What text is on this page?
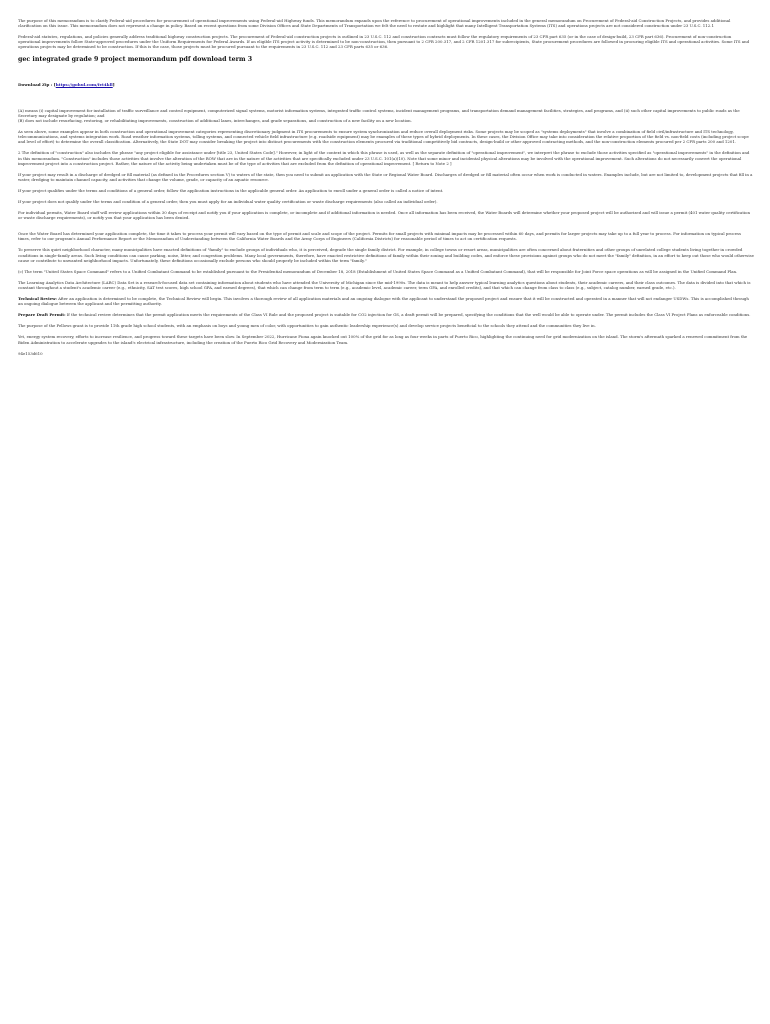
The purpose of this memorandum is to clarify Federal-aid procedures for procurement of operational improvements using Federal-aid Highway funds. This memorandum expands upon the reference to procurement of operational improvements included in the general memorandum on Procurement of Federal-aid Construction Projects, and provides additional clarification on this issue. This memorandum does not represent a change in policy. Based on recent questions from some Division Offices and State Departments of Transportation we felt the need to restate and highlight that many Intelligent Transportation Systems (ITS) and operations projects are not considered construction under 23 U.S.C. 112.1

Federal-aid statutes, regulations, and policies generally address traditional highway construction projects. The procurement of Federal-aid construction projects is outlined in 23 U.S.C. 112 and construction contracts must follow the regulatory requirements of 23 CFR part 635 (or in the case of design-build, 23 CFR part 636). Procurement of non-construction operational improvements follow State-approved procedures under the Uniform Requirements for Federal Awards. If an eligible ITS project activity is determined to be non-construction, then pursuant to 2 CFR 200.317, and 2 CFR 1201.317 for subrecipients, State procurement procedures are followed in procuring eligible ITS and operational activities. Some ITS and operations projects may be determined to be construction. If this is the case, those projects must be procured pursuant to the requirements in 23 U.S.C. 112 and 23 CFR parts 635 or 636.

gec integrated grade 9 project memorandum pdf download term 3
Download Zip : [https://gohul.com/Ivt4kll]

(A) means (i) capital improvement for installation of traffic surveillance and control equipment, computerized signal systems, motorist information systems, integrated traffic control systems, incident management programs, and transportation demand management facilities, strategies, and programs, and (ii) such other capital improvements to public roads as the Secretary may designate by regulation; and
(B) does not include resurfacing, restoring, or rehabilitating improvements, construction of additional lanes, interchanges, and grade separations, and construction of a new facility on a new location.

As seen above, some examples appear in both construction and operational improvement categories representing discretionary judgment in ITS procurements to ensure system synchronization and reduce overall deployment risks. Some projects may be scoped as "systems deployments" that involve a combination of field civil/infrastructure and ITS technology, telecommunications, and systems integration work. Road weather information systems, tolling systems, and connected vehicle field infrastructure (e.g. roadside equipment) may be examples of these types of hybrid deployments. In these cases, the Division Office may take into consideration the relative proportion of the field vs. non-field costs (including project scope and level of effort) to determine the overall classification. Alternatively, the State DOT may consider breaking the project into distinct procurements with the construction elements procured via traditional competitively bid contracts, design-build or other approved contracting methods, and the non-construction elements procured per 2 CFR parts 200 and 1201.

2 The definition of "construction" also includes the phrase "any project eligible for assistance under [title 23, United States Code]." However, in light of the context in which this phrase is used, as well as the separate definition of "operational improvement", we interpret the phrase to exclude those activities specified as "operational improvements" in the definition and in this memorandum. "Construction" includes those activities that involve the alteration of the ROW that are in the nature of the activities that are specifically excluded under 23 U.S.C. 101(a)(10). Note that some minor and incidental physical alterations may be involved with the operational improvement. Such alterations do not necessarily convert the operational improvement project into a construction project. Rather, the nature of the activity being undertaken must be of the type of activities that are excluded from the definition of operational improvement. [ Return to Note 2 ]

If your project may result in a discharge of dredged or fill material (as defined in the Procedures section V) to waters of the state, then you need to submit an application with the State or Regional Water Board. Discharges of dredged or fill material often occur when work is conducted in waters. Examples include, but are not limited to, development projects that fill in a water, dredging to maintain channel capacity, and activities that change the volume, grade, or capacity of an aquatic resource.

If your project qualifies under the terms and conditions of a general order, follow the application instructions in the applicable general order. An application to enroll under a general order is called a notice of intent.

If your project does not qualify under the terms and condition of a general order, then you must apply for an individual water quality certification or waste discharge requirements (also called an individual order).

For individual permits, Water Board staff will review applications within 30 days of receipt and notify you if your application is complete, or incomplete and if additional information is needed. Once all information has been received, the Water Boards will determine whether your proposed project will be authorized and will issue a permit (401 water quality certification or waste discharge requirements), or notify you that your application has been denied.

Once the Water Board has determined your application complete, the time it takes to process your permit will vary based on the type of permit and scale and scope of the project. Permits for small projects with minimal impacts may be processed within 60 days, and permits for larger projects may take up to a full year to process. For information on typical process times, refer to our program's Annual Performance Report or the Memorandum of Understanding between the California Water Boards and the Army Corps of Engineers (California Districts) for reasonable period of times to act on certification requests.

To preserve this quiet neighborhood character, many municipalities have enacted definitions of "family" to exclude groups of individuals who, it is perceived, degrade the single family district. For example, in college towns or resort areas, municipalities are often concerned about fraternities and other groups of unrelated college students living together in crowded conditions in single-family areas. Such living conditions can cause parking, noise, litter, and congestion problems. Many local governments, therefore, have enacted restrictive definitions of family within their zoning and building codes, and enforce these provisions against groups who do not meet the "family" definition, in an effort to keep out those who would otherwise cause or contribute to unwanted neighborhood impacts. Unfortunately, these definitions occasionally exclude persons who should properly be included within the term "family."

(c) The term "United States Space Command" refers to a Unified Combatant Command to be established pursuant to the Presidential memorandum of December 18, 2018 (Establishment of United States Space Command as a Unified Combatant Command), that will be responsible for Joint Force space operations as will be assigned in the Unified Command Plan.

The Learning Analytics Data Architecture (LARC) Data Set is a research-focused data set containing information about students who have attended the University of Michigan since the mid-1990s. The data is meant to help answer typical learning analytics questions about students, their academic careers, and their class outcomes. The data is divided into that which is constant throughout a student's academic career (e.g., ethnicity, SAT test scores, high school GPA, and earned degrees), that which can change from term to term (e.g., academic level, academic career, term GPA, and enrolled credits), and that which can change from class to class (e.g., subject, catalog number, earned grade, etc.).

Technical Review: After an application is determined to be complete, the Technical Review will begin. This involves a thorough review of all application materials and an ongoing dialogue with the applicant to understand the proposed project and ensure that it will be constructed and operated in a manner that will not endanger USDWs. This is accomplished through an ongoing dialogue between the applicant and the permitting authority.

Prepare Draft Permit: If the technical review determines that the permit application meets the requirements of the Class VI Rule and the proposed project is suitable for CO2 injection for GS, a draft permit will be prepared, specifying the conditions that the well would be able to operate under. The permit includes the Class VI Project Plans as enforceable conditions.

The purpose of the Fellows grant is to provide 11th grade high school students, with an emphasis on boys and young men of color, with opportunities to gain authentic leadership experience(s) and develop service projects beneficial to the schools they attend and the communities they live in.

Yet, energy system recovery, efforts to increase resilience, and progress toward these targets have been slow. In September 2022, Hurricane Fiona again knocked out 100% of the grid for as long as four weeks in parts of Puerto Rico, highlighting the continuing need for grid modernization on the island. The storm's aftermath sparked a renewed commitment from the Biden Administration to accelerate upgrades to the island's electrical infrastructure, including the creation of the Puerto Rico Grid Recovery and Modernization Team.

94e153d610
